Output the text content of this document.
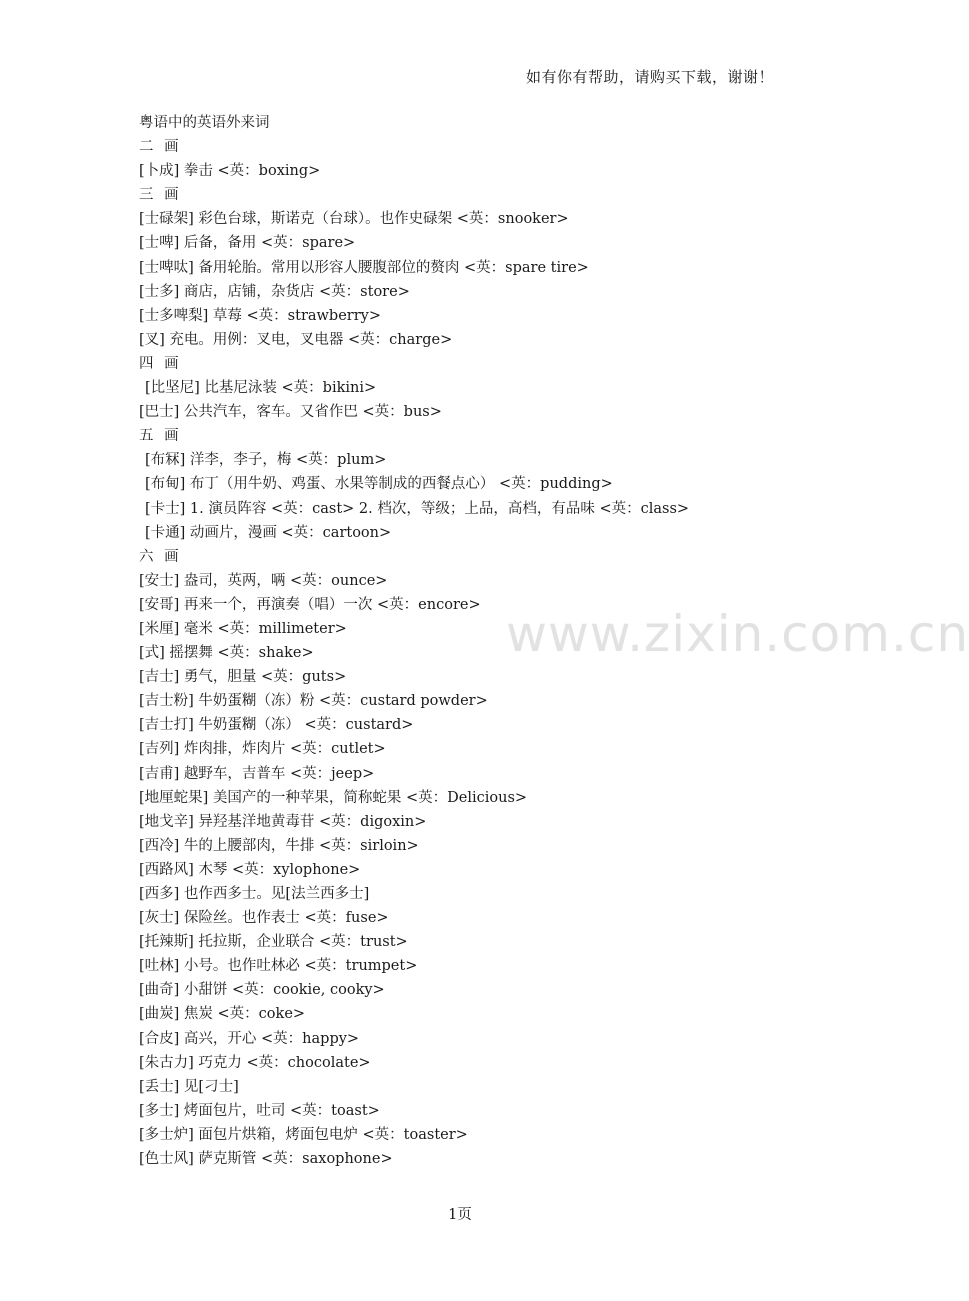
如有你有帮助，请购买下载，谢谢！
www.zixin.com.cn
粤语中的英语外来词
二 画
[卜成] 拳击 <英：boxing>
三 画
[士碌架] 彩色台球，斯诺克（台球）。也作史碌架 <英：snooker>
[士啤] 后备，备用 <英：spare>
[士啤呔] 备用轮胎。常用以形容人腰腹部位的赘肉 <英：spare tire>
[士多] 商店，店铺，杂货店 <英：store>
[士多啤梨] 草莓 <英：strawberry>
[叉] 充电。用例：叉电，叉电器 <英：charge>
四 画
[比坚尼] 比基尼泳装 <英：bikini>
[巴士] 公共汽车，客车。又省作巴 <英：bus>
五 画
[布冧] 洋李，李子，梅 <英：plum>
[布甸] 布丁（用牛奶、鸡蛋、水果等制成的西餐点心） <英：pudding>
[卡士] 1. 演员阵容 <英：cast> 2. 档次，等级；上品，高档，有品味 <英：class>
[卡通] 动画片，漫画 <英：cartoon>
六 画
[安士] 盎司，英两，唡 <英：ounce>
[安哥] 再来一个，再演奏（唱）一次 <英：encore>
[米厘] 毫米 <英：millimeter>
[式] 摇摆舞 <英：shake>
[吉士] 勇气，胆量 <英：guts>
[吉士粉] 牛奶蛋糊（冻）粉 <英：custard powder>
[吉士打] 牛奶蛋糊（冻） <英：custard>
[吉列] 炸肉排，炸肉片 <英：cutlet>
[吉甫] 越野车，吉普车 <英：jeep>
[地厘蛇果] 美国产的一种苹果，简称蛇果 <英：Delicious>
[地戈辛] 异羟基洋地黄毒苷 <英：digoxin>
[西冷] 牛的上腰部肉，牛排 <英：sirloin>
[西路风] 木琴 <英：xylophone>
[西多] 也作西多士。见[法兰西多士]
[灰士] 保险丝。也作表士 <英：fuse>
[托辣斯] 托拉斯，企业联合 <英：trust>
[吐林] 小号。也作吐林必 <英：trumpet>
[曲奇] 小甜饼 <英：cookie, cooky>
[曲炭] 焦炭 <英：coke>
[合皮] 高兴，开心 <英：happy>
[朱古力] 巧克力 <英：chocolate>
[丢士] 见[刁士]
[多士] 烤面包片，吐司 <英：toast>
[多士炉] 面包片烘箱，烤面包电炉 <英：toaster>
[色士风] 萨克斯管 <英：saxophone>
1页
